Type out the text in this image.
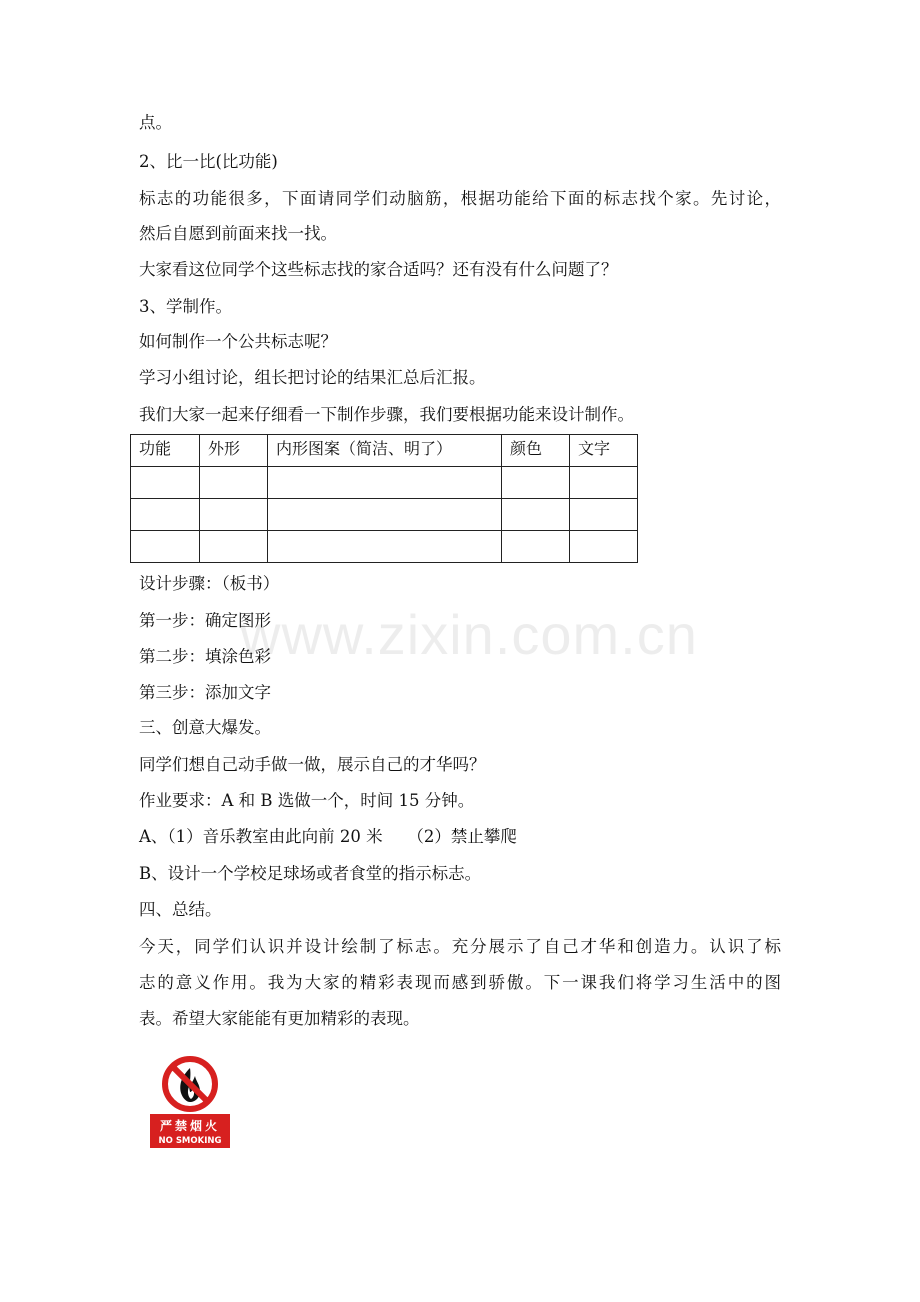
点。
2、比一比(比功能)
标志的功能很多，下面请同学们动脑筋，根据功能给下面的标志找个家。先讨论，
然后自愿到前面来找一找。
大家看这位同学个这些标志找的家合适吗？还有没有什么问题了？
3、学制作。
如何制作一个公共标志呢？
学习小组讨论，组长把讨论的结果汇总后汇报。
我们大家一起来仔细看一下制作步骤，我们要根据功能来设计制作。
功能	外形	内形图案（简洁、明了）	颜色	文字

设计步骤：（板书）
第一步：确定图形
第二步：填涂色彩
第三步：添加文字
三、创意大爆发。
同学们想自己动手做一做，展示自己的才华吗？
作业要求：A 和 B 选做一个，时间 15 分钟。
A、（1）音乐教室由此向前 20 米　　（2）禁止攀爬
B、设计一个学校足球场或者食堂的指示标志。
四、总结。
今天，同学们认识并设计绘制了标志。充分展示了自己才华和创造力。认识了标
志的意义作用。我为大家的精彩表现而感到骄傲。下一课我们将学习生活中的图
表。希望大家能能有更加精彩的表现。
www.zixin.com.cn
严禁烟火
NO SMOKING
